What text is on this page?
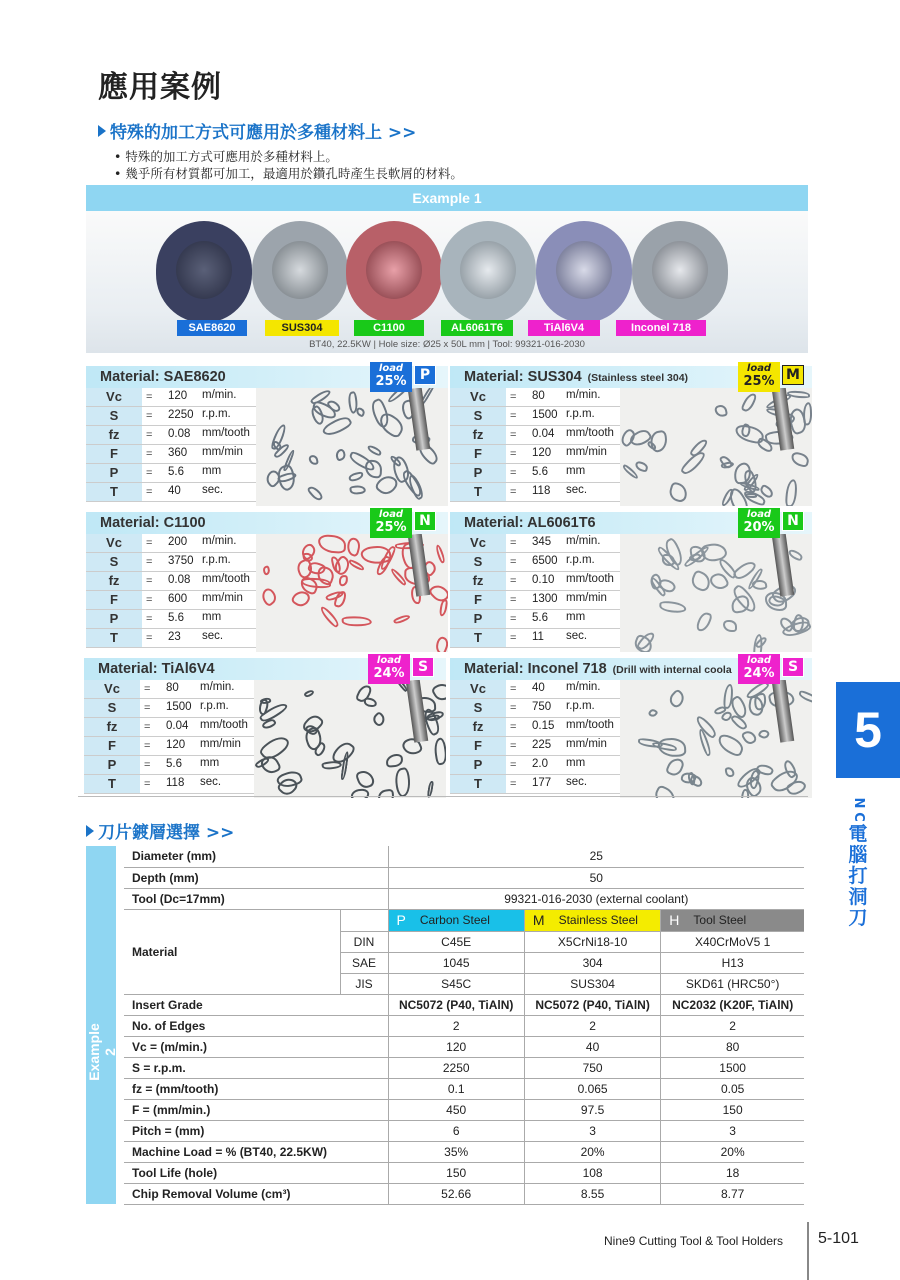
應用案例
特殊的加工方式可應用於多種材料上 >>
• 特殊的加工方式可應用於多種材料上。
• 幾乎所有材質都可加工，最適用於鑽孔時產生長軟屑的材料。
Example 1
SAE8620	SUS304	C1100	AL6061T6	TiAl6V4	Inconel 718
BT40, 22.5KW | Hole size: Ø25 x 50L mm | Tool: 99321-016-2030
Material: SAE8620
Vc	= 120 m/min.
S	= 2250 r.p.m.
fz	= 0.08 mm/tooth
F	= 360 mm/min
P	= 5.6 mm
T	= 40 sec.
load
25% P	Material: SUS304 (Stainless steel 304)
Vc	= 80 m/min.
S	= 1500 r.p.m.
fz	= 0.04 mm/tooth
F	= 120 mm/min
P	= 5.6 mm
T	= 118 sec.
load
25% M
Material: C1100
Vc	= 200 m/min.
S	= 3750 r.p.m.
fz	= 0.08 mm/tooth
F	= 600 mm/min
P	= 5.6 mm
T	= 23 sec.
load
25% N	Material: AL6061T6
Vc	= 345 m/min.
S	= 6500 r.p.m.
fz	= 0.10 mm/tooth
F	= 1300 mm/min
P	= 5.6 mm
T	= 11 sec.
load
20% N
Material: TiAl6V4
Vc	= 80 m/min.
S	= 1500 r.p.m.
fz	= 0.04 mm/tooth
F	= 120 mm/min
P	= 5.6 mm
T	= 118 sec.
load
24% S	Material: Inconel 718 (Drill with internal coola
Vc	= 40 m/min.
S	= 750 r.p.m.
fz	= 0.15 mm/tooth
F	= 225 mm/min
P	= 2.0 mm
T	= 177 sec.
load
24% S
刀片鍍層選擇 >>
Example 2
Diameter (mm)		25		
Depth (mm)		50		
Tool (Dc=17mm)		99321-016-2030 (external coolant)		
Material		P Carbon Steel	M Stainless Steel	H Tool Steel

	DIN	C45E	X5CrNi18-10	X40CrMoV5 1
	SAE	1045	304	H13
	JIS	S45C	SUS304	SKD61 (HRC50°)
Insert Grade		NC5072 (P40, TiAlN)	NC5072 (P40, TiAlN)	NC2032 (K20F, TiAlN)
No. of Edges		2	2	2
Vc = (m/min.)		120	40	80
S = r.p.m.		2250	750	1500
fz = (mm/tooth)		0.1	0.065	0.05
F = (mm/min.)		450	97.5	150
Pitch = (mm)		6	3	3
Machine Load = % (BT40, 22.5KW)		35%	20%	20%
Tool Life (hole)		150	108	18
Chip Removal Volume (cm³)		52.66	8.55	8.77
5
N
C
電
腦
打
洞
刀
Nine9 Cutting Tool & Tool Holders 5-101
